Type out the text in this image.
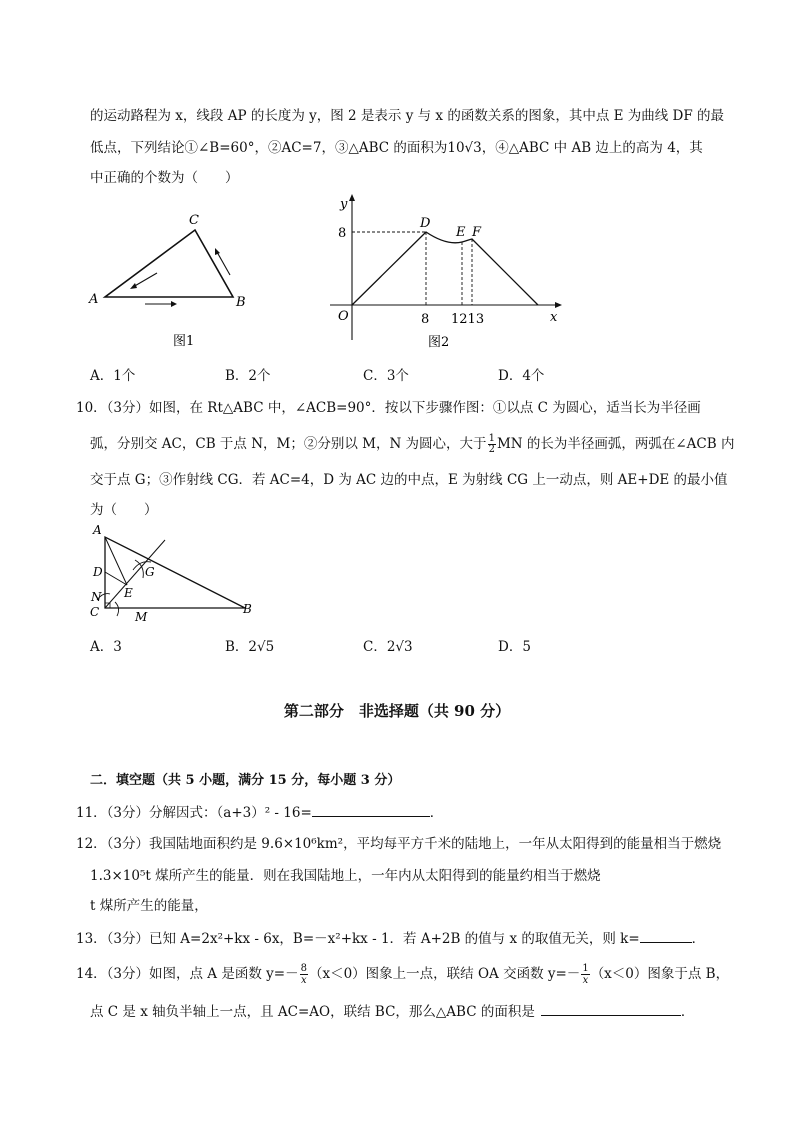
的运动路程为 x，线段 AP 的长度为 y，图 2 是表示 y 与 x 的函数关系的图象，其中点 E 为曲线 DF 的最
低点，下列结论①∠B=60°，②AC=7，③△ABC 的面积为10√3，④△ABC 中 AB 边上的高为 4，其
中正确的个数为（　　）
A	B
C
图1
y
x
O
8
8 1213
D
E F
图2
A．1个	B．2个	C．3个	D．4个
10．（3分）如图，在 Rt△ABC 中，∠ACB=90°．按以下步骤作图：①以点 C 为圆心，适当长为半径画
弧，分别交 AC，CB 于点 N，M；②分别以 M，N 为圆心，大于 $\frac{1}{2}$ MN 的长为半径画弧，两弧在∠ACB 内
交于点 G；③作射线 CG．若 AC=4，D 为 AC 边的中点，E 为射线 CG 上一动点，则 AE+DE 的最小值
为（　　）
A
D
N
C
E
G
M
B
A．3	B．2√5	C．2√3	D．5
第二部分　非选择题（共 90 分）
二．填空题（共 5 小题，满分 15 分，每小题 3 分）
11．（3分）分解因式：（a+3）² - 16=	．
12．（3分）我国陆地面积约是 9.6×10⁶km²，平均每平方千米的陆地上，一年从太阳得到的能量相当于燃烧
1.3×10⁵t 煤所产生的能量．则在我国陆地上，一年内从太阳得到的能量约相当于燃烧
t 煤所产生的能量，
13．（3分）已知 A=2x²+kx - 6x，B=－x²+kx - 1．若 A+2B 的值与 x 的取值无关，则 k=	．
14．（3分）如图，点 A 是函数 $y=- \frac{8}{x} (x<0)$图象上一点，联结 OA 交函数 $y=- \frac{1}{x} (x<0)$图象于点 B，
点 C 是 x 轴负半轴上一点，且 AC=AO，联结 BC，那么△ABC 的面积是	．
